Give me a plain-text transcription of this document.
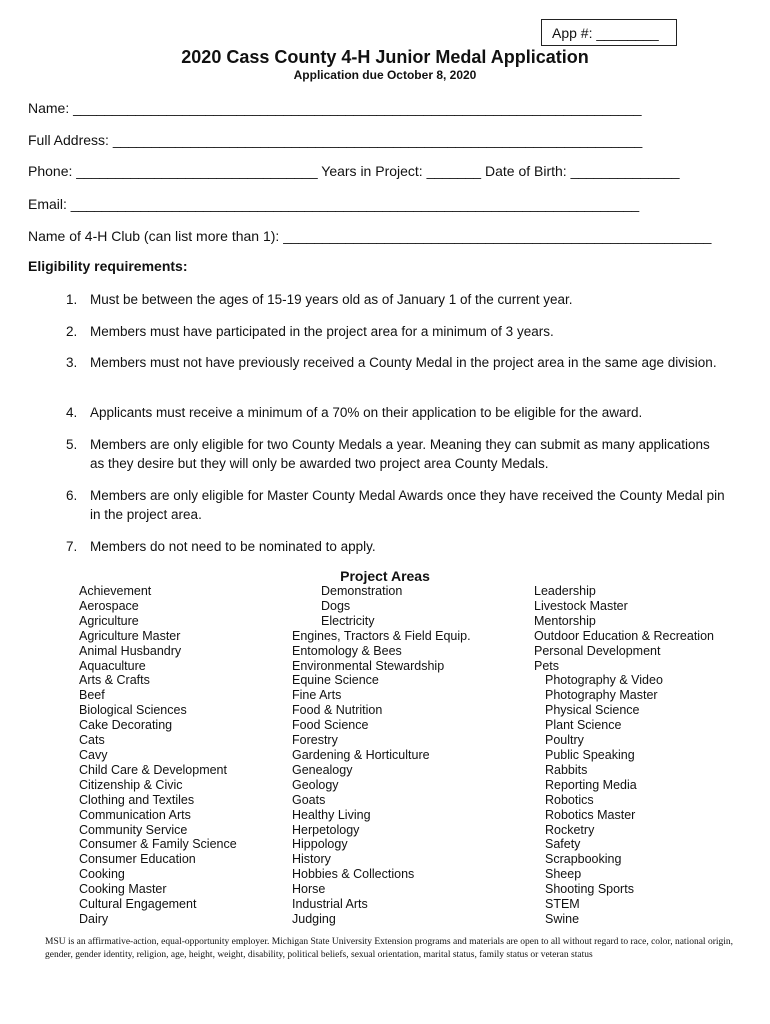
App #: ________
2020 Cass County 4-H Junior Medal Application
Application due October 8, 2020
Name: _________________________________________________________________________
Full Address: ____________________________________________________________________
Phone: _______________________________ Years in Project: _______ Date of Birth: ______________
Email: _________________________________________________________________________
Name of 4-H Club (can list more than 1): _______________________________________________________
Eligibility requirements:
1. Must be between the ages of 15-19 years old as of January 1 of the current year.
2. Members must have participated in the project area for a minimum of 3 years.
3. Members must not have previously received a County Medal in the project area in the same age division.
4. Applicants must receive a minimum of a 70% on their application to be eligible for the award.
5. Members are only eligible for two County Medals a year. Meaning they can submit as many applications as they desire but they will only be awarded two project area County Medals.
6. Members are only eligible for Master County Medal Awards once they have received the County Medal pin in the project area.
7. Members do not need to be nominated to apply.
Project Areas
Achievement
Aerospace
Agriculture
Agriculture Master
Animal Husbandry
Aquaculture
Arts & Crafts
Beef
Biological Sciences
Cake Decorating
Cats
Cavy
Child Care & Development
Citizenship & Civic
Clothing and Textiles
Communication Arts
Community Service
Consumer & Family Science
Consumer Education
Cooking
Cooking Master
Cultural Engagement
Dairy
Demonstration
Dogs
Electricity
Engines, Tractors & Field Equip.
Entomology & Bees
Environmental Stewardship
Equine Science
Fine Arts
Food & Nutrition
Food Science
Forestry
Gardening & Horticulture
Genealogy
Geology
Goats
Healthy Living
Herpetology
Hippology
History
Hobbies & Collections
Horse
Industrial Arts
Judging
Leadership
Livestock Master
Mentorship
Outdoor Education & Recreation
Personal Development
Pets
Photography & Video
Photography Master
Physical Science
Plant Science
Poultry
Public Speaking
Rabbits
Reporting Media
Robotics
Robotics Master
Rocketry
Safety
Scrapbooking
Sheep
Shooting Sports
STEM
Swine
MSU is an affirmative-action, equal-opportunity employer. Michigan State University Extension programs and materials are open to all without regard to race, color, national origin, gender, gender identity, religion, age, height, weight, disability, political beliefs, sexual orientation, marital status, family status or veteran status
